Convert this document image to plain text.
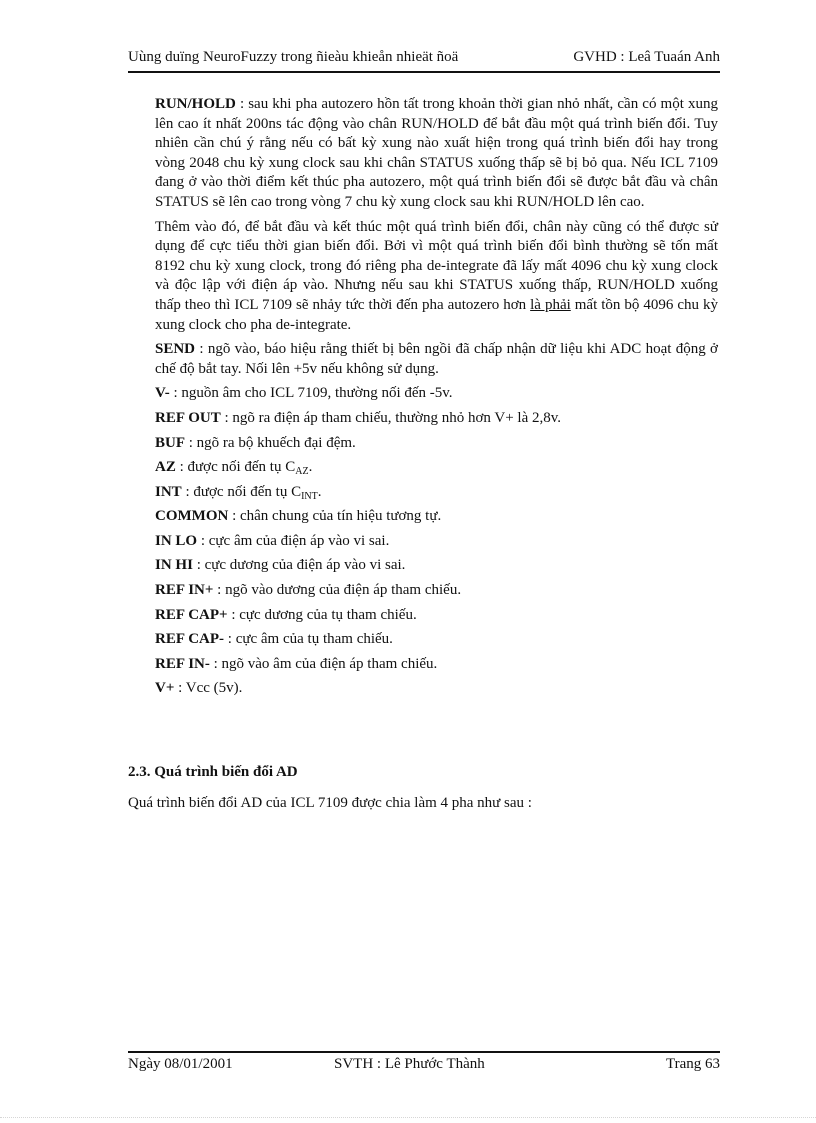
Uùng duïng NeuroFuzzy trong ñieàu khieån nhieät ñoä	GVHD : Leâ Tuaán Anh

RUN/HOLD : sau khi pha autozero hồn tất trong khoản thời gian nhỏ nhất, cần có một xung lên cao ít nhất 200ns tác động vào chân RUN/HOLD để bắt đầu một quá trình biến đổi. Tuy nhiên cần chú ý rằng nếu có bất kỳ xung nào xuất hiện trong quá trình biến đổi hay trong vòng 2048 chu kỳ xung clock sau khi chân STATUS xuống thấp sẽ bị bỏ qua. Nếu ICL 7109 đang ở vào thời điểm kết thúc pha autozero, một quá trình biến đổi sẽ được bắt đầu và chân STATUS sẽ lên cao trong vòng 7 chu kỳ xung clock sau khi RUN/HOLD lên cao.

Thêm vào đó, để bắt đầu và kết thúc một quá trình biến đổi, chân này cũng có thể được sử dụng để cực tiểu thời gian biến đổi. Bởi vì một quá trình biến đổi bình thường sẽ tốn mất 8192 chu kỳ xung clock, trong đó riêng pha de-integrate đã lấy mất 4096 chu kỳ xung clock và độc lập với điện áp vào. Nhưng nếu sau khi STATUS xuống thấp, RUN/HOLD xuống thấp theo thì ICL 7109 sẽ nhảy tức thời đến pha autozero hơn là phải mất tồn bộ 4096 chu kỳ xung clock cho pha de-integrate.

SEND : ngõ vào, báo hiệu rằng thiết bị bên ngồi đã chấp nhận dữ liệu khi ADC hoạt động ở chế độ bắt tay. Nối lên +5v nếu không sử dụng.

V- : nguồn âm cho ICL 7109, thường nối đến -5v.

REF OUT : ngõ ra điện áp tham chiếu, thường nhỏ hơn V+ là 2,8v.

BUF : ngõ ra bộ khuếch đại đệm.

AZ : được nối đến tụ $C_{AZ}$.

INT : được nối đến tụ $C_{INT}$.

COMMON : chân chung của tín hiệu tương tự.

IN LO : cực âm của điện áp vào vi sai.

IN HI : cực dương của điện áp vào vi sai.

REF IN+ : ngõ vào dương của điện áp tham chiếu.

REF CAP+ : cực dương của tụ tham chiếu.

REF CAP- : cực âm của tụ tham chiếu.

REF IN- : ngõ vào âm của điện áp tham chiếu.

V+ : Vcc (5v).

2.3. Quá trình biến đổi AD
Quá trình biến đổi AD của ICL 7109 được chia làm 4 pha như sau :
Ngày 08/01/2001	SVTH : Lê Phước Thành	Trang 63
